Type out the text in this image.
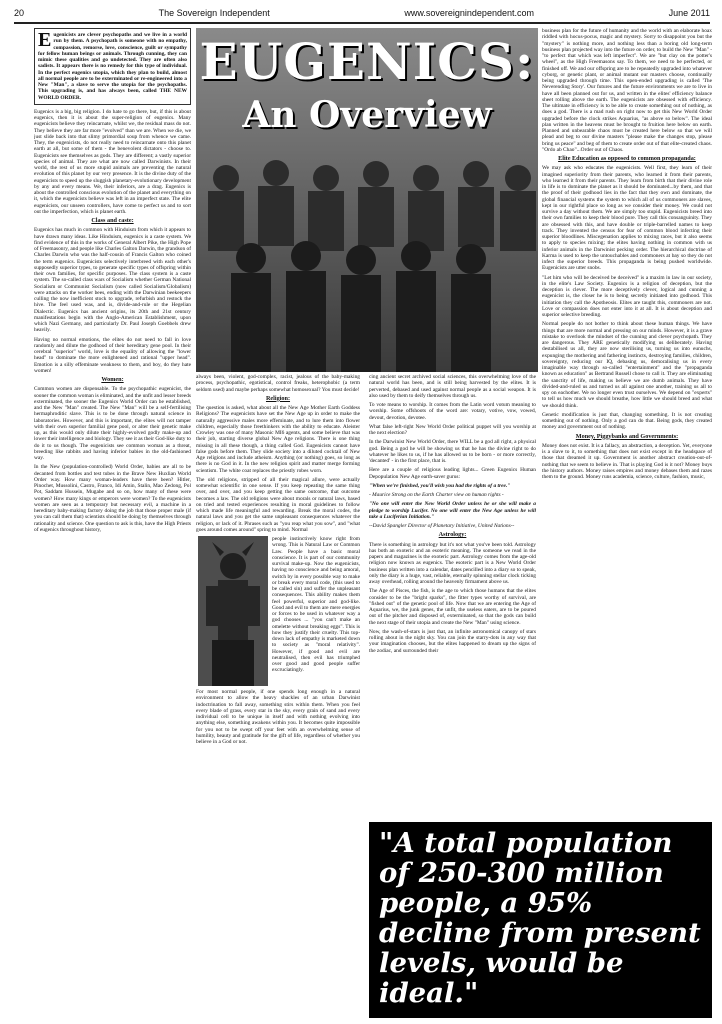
20	The Sovereign Independent	www.sovereignindependent.com	June 2011
Eugenicists are clever psychopaths and we live in a world run by them. A psychopath is someone with no empathy, compassion, remorse, love, conscience, guilt or sympathy for fellow human beings or animals. Through cunning, they can mimic these qualities and go undetected. They are often also sadists. It appears there is no remedy for this type of individual. In the perfect eugenics utopia, which they plan to build, almost all normal people are to be exterminated or re-engineered into a New "Man", a slave to serve the utopia for the psychopaths. This upgrading is, and has always been, called THE NEW WORLD ORDER.

Eugenics is a big, big religion. I do hate to go there, but, if this is about eugenics, then it is about the super-religion of eugenics. Many eugenicists believe they reincarnate, whilst we, the residual mass do not. They believe they are far more "evolved" than we are. When we die, we just slide back into that slimy primordial soup from whence we came. They, the eugenicists, do not really need to reincarnate onto this planet earth at all, but some of them - the benevolent dictators - choose to. Eugenicists see themselves as gods. They are different; a vastly superior species of animal. They are what are now called Darwinists. In their world, the rest of us more stupid animals are preventing the natural evolution of this planet by our very presence. It is the divine duty of the eugenicists to speed up the sluggish planetary-evolutionary development by any and every means. We, their inferiors, are a drag. Eugenics is about the controlled conscious evolution of the planet and everything on it, which the eugenicists believe was left in an imperfect state. The elite eugenicists, our unseen controllers, have come to perfect us and to sort out the imperfection, which is planet earth.

Class and caste:

Eugenics has much in common with Hinduism from which it appears to have drawn many ideas. Like Hinduism, eugenics is a caste system. We find evidence of this in the works of General Albert Pike, the High Pope of Freemasonry, and people like Charles Galton Darwin, the grandson of Charles Darwin who was the half-cousin of Francis Galton who coined the term eugenics. Eugenicists selectively interbreed with each other's supposedly superior types, to generate specific types of offspring within their own families, for specific purposes. The class system is a caste system. The so-called class wars of Socialism whether German National Socialism or Communist Socialism (now called Socialism/Globalism) were attacks on the worker bees, ending with the Darwinian beekeepers culling the now inefficient stock to upgrade, refurbish and restock the hive. The feel used was, and is, divide-and-rule or the Hegelian Dialectic. Eugenics has ancient origins, its 20th and 21st century manifestations begin with the Anglo-American Establishment, upon which Nazi Germany, and particularly Dr. Paul Joseph Goebbels drew heavily.

Having no normal emotions, the elites do not need to fall in love randomly and dilute the godhood of their hereditary gene pool. In their cerebral "superior" world, love is the equality of allowing the "lower head" to dominate the more enlightened and rational "upper head". Emotion is a silly effeminate weakness to them, and boy, do they hate women!

Women:

Common women are dispensable. To the psychopathic eugenicist, the sooner the common woman is eliminated, and the unfit and lesser breeds exterminated, the sooner the Eugenics World Order can be established, and the New "Man" created. The New "Man" will be a self-fertilising hermaphroditic slave. This is to be done through natural science in laboratories. However, and this is important, the elites will not tamper with their own superior familial gene pool, or alter their genetic make up, as this would only dilute their highly-evolved godly make-up and lower their intelligence and biology. They see it as their God-like duty to do it to us though. The eugenicists see common woman as a threat, breeding like rabbits and having inferior babies in the old-fashioned way.

In the New (population-controlled) World Order, babies are all to be decanted from bottles and test tubes in the Brave New Huxlian World Order way. How many woman-leaders have there been? Hitler, Pinochet, Mussolini, Castro, Franco, Idi Amin, Stalin, Mao Zedong, Pol Pot, Saddam Hussein, Mugabe and so on, how many of these were women? How many kings or emperors were women? To the eugenicists women are seen as a temporary but necessary evil, a machine in a hereditary baby-making factory doing the job that those proper male (if you can call them that) scientists should be doing by themselves through rationality and science. One question to ask is this, have the High Priests of eugenics throughout history,

EUGENICS:
An Overview

always been, violent, god-complex, racist, jealous of the baby-making process, psychopathic, egotistical, control freaks, heterophobic (a term seldom used) and maybe perhaps somewhat homosexual? You must decide!

Religion:

The question is asked, what about all the New Age Mother Earth Goddess Religions? The eugenicists have set the New Age up in order to make the naturally aggressive males more effeminate, and to lure them into flower children, especially those freethinkers with the ability to educate. Aleister Crowley was one of many Masonic MI6 agents, and some believe that was their job, starting diverse global New Age religions. There is one thing missing in all these though, a thing called God. Eugenicists cannot have false gods before them. They slide society into a diluted cocktail of New Age religions and include atheism. Anything (or nothing) goes, so long as there is no God in it. In the new religion spirit and matter merge forming scientism. The white coat replaces the priestly robes worn.

The old religions, stripped of all their magical allure, were actually somewhat scientific in one sense. If you keep repeating the same thing over, and over, and you keep getting the same outcome, that outcome becomes a law. The old religions were about morals or natural laws, based on tried and tested experiences resulting in moral guidelines to follow which made life meaningful and rewarding. Break the moral codes, the natural laws and you get the same unpleasant consequences whatever the religion, or lack of it. Phrases such as "you reap what you sow", and "what goes around comes around" spring to mind. Normal

people instinctively know right from wrong. This is Natural Law or Common Law. People have a basic moral conscience. It is part of our community survival make-up. Now the eugenicists, having no conscience and being amoral, switch by in every possible way to make or break every moral code, (this used to be called sin) and suffer the unpleasant consequences. This ability makes them feel powerful, superior and god-like. Good and evil to them are mere energies or forces to be used in whatever way a god chooses ... "you can't make an omelette without breaking eggs". This is how they justify their cruelty. This top-down lack of empathy is marketed down to society as "moral relativity". However, if good and evil are neutralised, then evil has triumphed over good and good people suffer excruciatingly.

For most normal people, if one spends long enough in a natural environment to allow the heavy shackles of an urban Darwinist indoctrination to fall away, something stirs within them. When you feel every blade of grass, every star in the sky, every grain of sand and every individual cell to be unique in itself and with nothing evolving into anything else, something awakens within you. It becomes quite impossible for you not to be swept off your feet with an overwhelming sense of humility, beauty and gratitude for the gift of life, regardless of whether you believe in a God or not.

cing ancient secret archived social sciences, this overwhelming love of the natural world has been, and is still being harvested by the elites. It is perverted, debased and used against normal people as a social weapon. It is also used by them to deify themselves through us.

To vote means to worship. It comes from the Latin word votum meaning to worship. Some offshoots of the word are: votary, votive, vow, vowed, devout, devotion, devotee.

What false left-right New World Order political puppet will you worship at the next election?

In the Darwinist New World Order, there WILL be a god all right, a physical god. Being a god he will be showing us that he has the divine right to do whatever he likes to us, if he has allowed us to be born - or more correctly, 'decanted' - in the first place, that is.

Here are a couple of religious leading lights... Green Eugenics Human Depopulation New Age earth-saver gurus:

"When we're finished, you'll wish you had the rights of a tree."

- Maurice Strong on the Earth Charter view on human rights -

"No one will enter the New World Order unless he or she will make a pledge to worship Lucifer. No one will enter the New Age unless he will take a Luciferian Initiation."

--David Spangler Director of Planetary Initiative, United Nations--

Astrology:

There is something in astrology but it's not what you've been told. Astrology has both an exoteric and an esoteric meaning. The someone we read in the papers and magazines is the exoteric part. Astrology comes from the age-old religion now known as eugenics. The esoteric part is a New World Order business plan written into a calendar, dates pencilled into a diary so to speak, only the diary is a huge, vast, reliable, eternally spinning stellar clock ticking away overhead, rolling around the heavenly firmament above us.

The Age of Pisces, the fish, is the age to which those humans that the elites consider to be the "bright sparks", the fitter types worthy of survival, are "fished out" of the genetic pool of life. Now that we are entering the Age of Aquarius, we, the junk genes, the unfit, the useless eaters, are to be poured out of the pitcher and disposed of, exterminated, so that the gods can build the next stage of their utopia and create the New "Man" using science.

Now, the wash-of-stars is just that, an infinite astronomical canopy of stars rolling about in the night sky. You can join the starry-dots in any way that your imagination chooses, but the elites happened to dream up the signs of the zodiac, and surrounded their

business plan for the future of humanity and the world with an elaborate hoax riddled with hocus-pocus, magic and mystery. Sorry to disappoint you but the "mystery" is nothing more, and nothing less than a boring old long-term business plan projected way into the future on order, to build the New "Man" - "to perfect that which was left imperfect". We are "but clay on the potter's wheel", as the High Freemasons say. To them, we need to be perfected, or finished off. We and our offspring are to be repeatedly upgraded into whatever cyborg, or genetic plant, or animal mutant our masters choose, continually being upgraded through time. This open-ended upgrading is called 'The Neverending Story'. Our futures and the future environments we are to live in have all been planned out for us, and written in the elites' efficiency balance sheet rolling above the earth. The eugenicists are obsessed with efficiency. The ultimate in efficiency is to be able to create something out of nothing, as does a god. There is a mad rush on right now to get this New World Order upgraded before the clock strikes Aquarius, "as above so below". The ideal plan written in the heavens must be brought to fruition here below on earth. Planned and unbearable chaos must be created here below so that we will plead and beg to our divine masters "please make the changes stop, please bring us peace" and beg of them to create order out of that elite-created chaos. "Ordo ab Chao"...Order out of Chaos.

Elite Education as opposed to common propaganda:

We may ask who educates the eugenicists. Well first, they learn of their imagined superiority from their parents, who learned it from their parents, who learned it from their parents. They learn from birth that their divine role in life is to dominate the planet as it should be dominated...by them, and that the proof of their godhood lies in the fact that they own and dominate, the global financial systems the system to which all of us commoners are slaves, kept in our rightful place so long as we consider their money. We could not survive a day without them. We are simply too stupid. Eugenicists breed into their own families to keep their blood pure. They call this consanguinity. They are obsessed with this, and have double or triple-barrelled names to keep track. They invented the census for fear of common blood infecting their superior bloodlines. Miscegenation applies to mixing races, but it also seems to apply to species mixing; the elites having nothing in common with us inferior animals in the Darwinist pecking order. The hierarchical doctrine of Karma is used to keep the untouchables and commoners at bay so they do not infect the superior breeds. This propaganda is being pushed worldwide. Eugenicists are utter snobs.

"Let him who will be deceived be deceived" is a maxim in law in our society, in the elite's Law Society. Eugenics is a religion of deception, but the deception is clever. The more deceptively clever, logical and cunning a eugenicist is, the closer he is to being secretly initiated into godhood. This initiation they call the Apotheosis. Elites are taught this, commoners are not. Love or compassion does not enter into it at all. It is about deception and superior selective breeding.

Normal people do not bother to think about these human things. We have things that are more normal and pressing on our minds. However, it is a grave mistake to overlook the mindset of the cunning and clever psychopath. They are dangerous. They ARE genetically modifying us deliberately. Having destabilised us all, they are now sterilising us, turning us into eunuchs, expunging the mothering and fathering instincts, destroying families, children, sovereignty, reducing our IQ, debasing us, demoralising us in every imaginable way through so-called "entertainment" and the "propaganda known as education" as Bertrand Russell chose to call it. They are eliminating the sanctity of life, making us believe we are dumb animals. They have divided-and-ruled us and turned us all against one another, training us all to spy on eachother. We no longer even trust ourselves. We depend on "experts" to tell us how much we should breathe, how little we should breed and what we should think.

Genetic modification is just that, changing something. It is not creating something out of nothing. Only a god can do that. Being gods, they created money and government out of nothing.

Money, Piggybanks and Governments:

Money does not exist. It is a fallacy, an abstraction, a deception. Yet, everyone is a slave to it, to something that does not exist except in the headspace of those that dreamed it up. Government is another abstract creation-out-of-nothing that we seem to believe in. That is playing God is it not? Money buys the history authors. Money raises empires and money debases them and razes them to the ground. Money runs academia, science, culture, fashion, music,

"A total population of 250-300 million people, a 95% decline from present levels, would be ideal."
